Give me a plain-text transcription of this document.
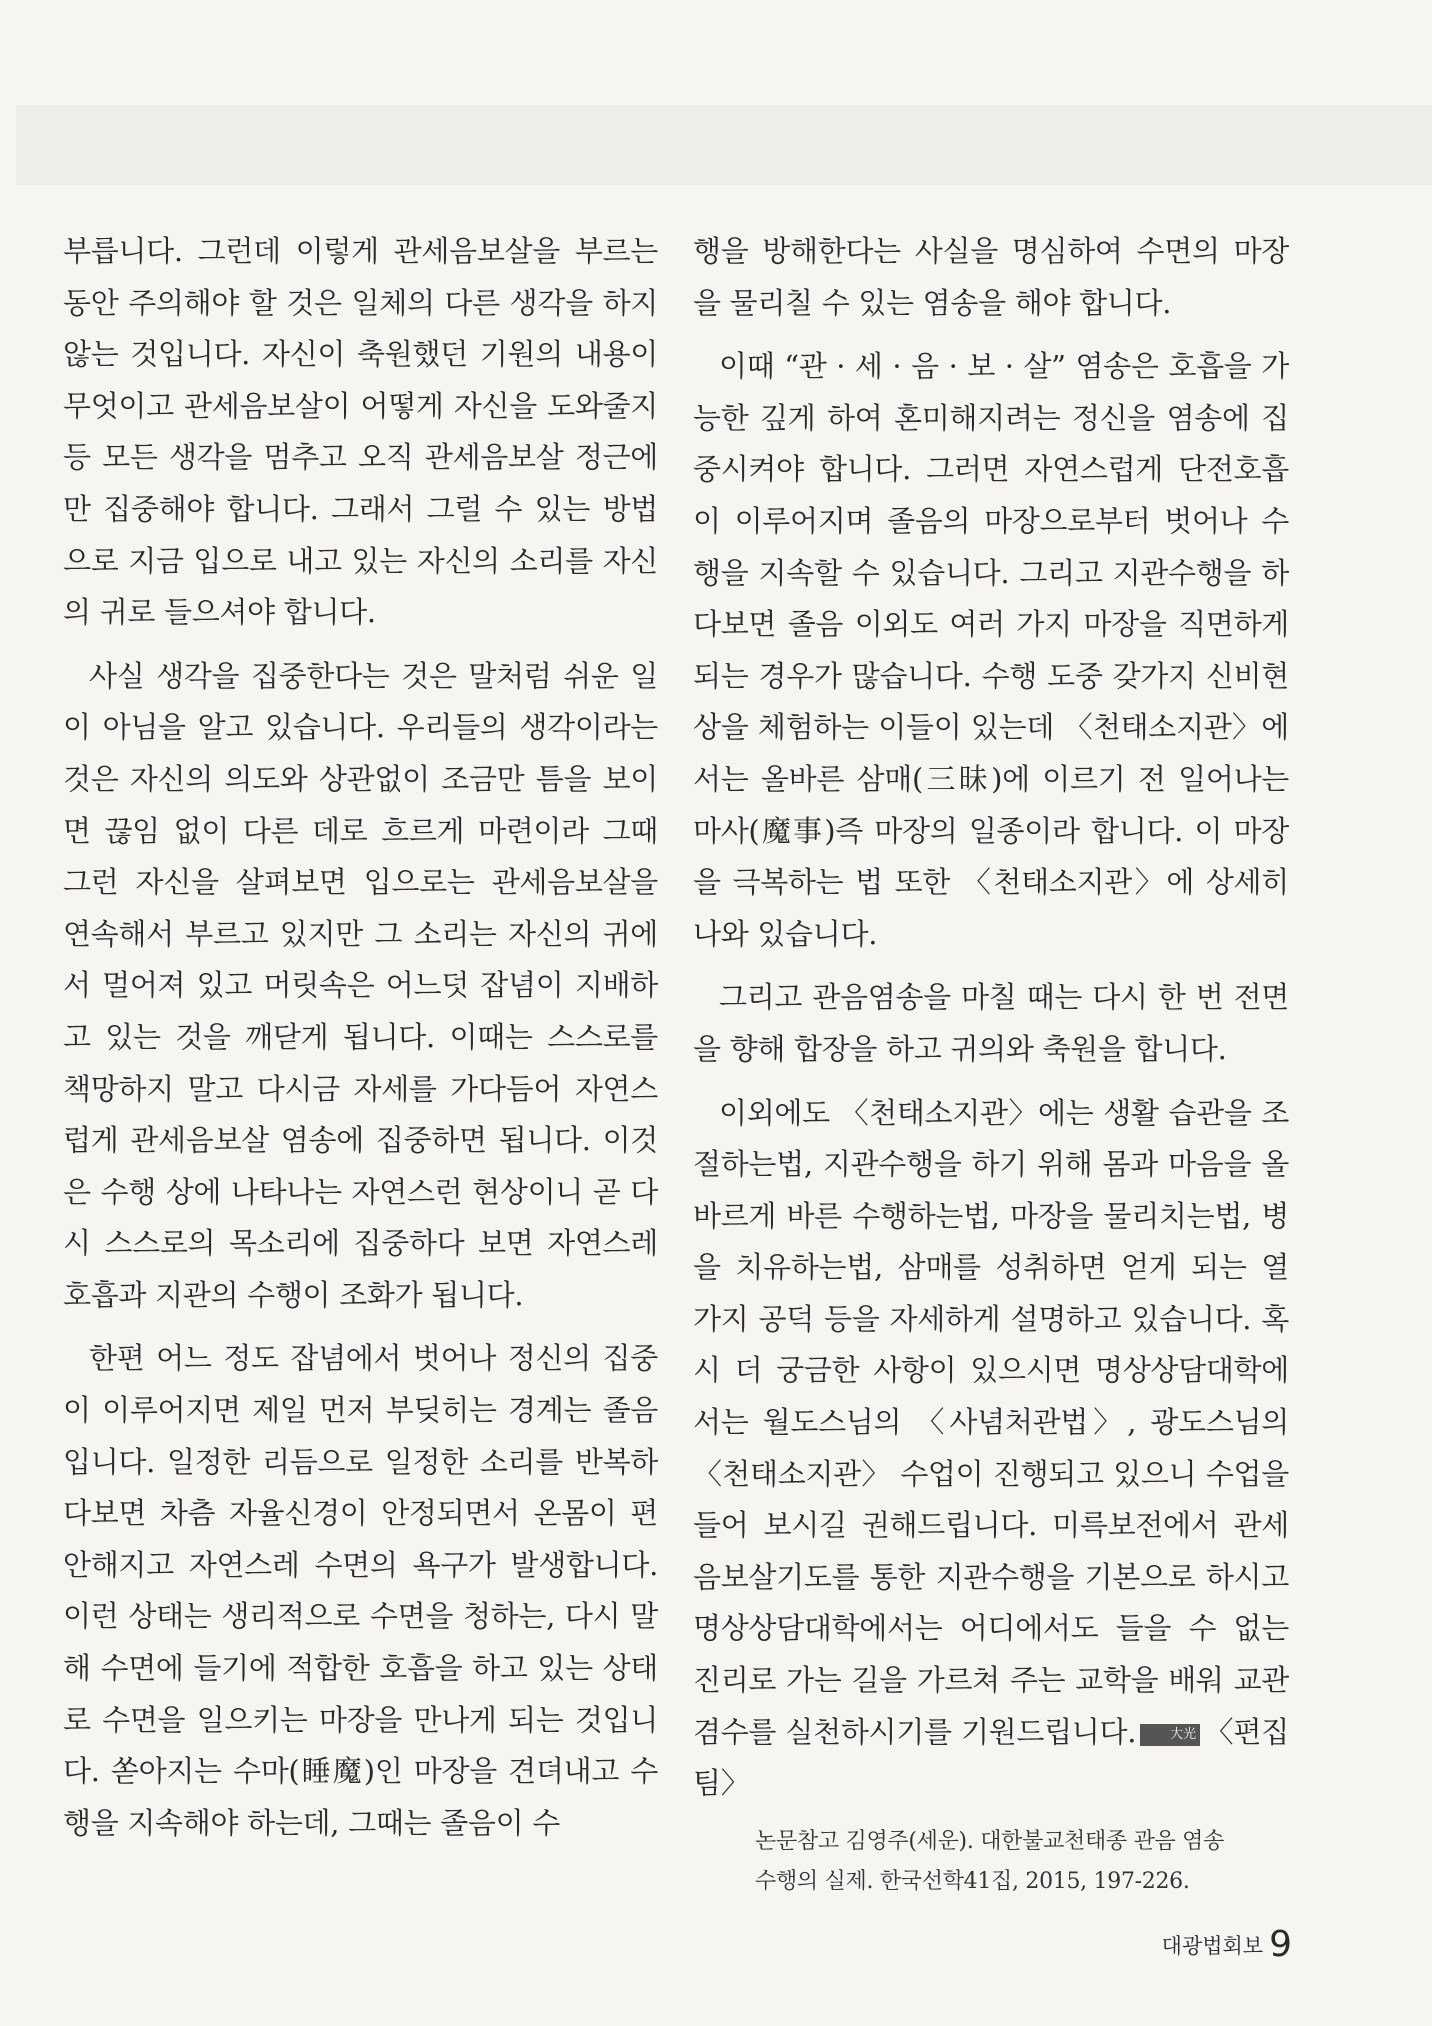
부릅니다. 그런데 이렇게 관세음보살을 부르는 동안 주의해야 할 것은 일체의 다른 생각을 하지 않는 것입니다. 자신이 축원했던 기원의 내용이 무엇이고 관세음보살이 어떻게 자신을 도와줄지 등 모든 생각을 멈추고 오직 관세음보살 정근에만 집중해야 합니다. 그래서 그럴 수 있는 방법으로 지금 입으로 내고 있는 자신의 소리를 자신의 귀로 들으셔야 합니다.

사실 생각을 집중한다는 것은 말처럼 쉬운 일이 아님을 알고 있습니다. 우리들의 생각이라는 것은 자신의 의도와 상관없이 조금만 틈을 보이면 끊임 없이 다른 데로 흐르게 마련이라 그때 그런 자신을 살펴보면 입으로는 관세음보살을 연속해서 부르고 있지만 그 소리는 자신의 귀에서 멀어져 있고 머릿속은 어느덧 잡념이 지배하고 있는 것을 깨닫게 됩니다. 이때는 스스로를 책망하지 말고 다시금 자세를 가다듬어 자연스럽게 관세음보살 염송에 집중하면 됩니다. 이것은 수행 상에 나타나는 자연스런 현상이니 곧 다시 스스로의 목소리에 집중하다 보면 자연스레 호흡과 지관의 수행이 조화가 됩니다.

한편 어느 정도 잡념에서 벗어나 정신의 집중이 이루어지면 제일 먼저 부딪히는 경계는 졸음입니다. 일정한 리듬으로 일정한 소리를 반복하다보면 차츰 자율신경이 안정되면서 온몸이 편안해지고 자연스레 수면의 욕구가 발생합니다. 이런 상태는 생리적으로 수면을 청하는, 다시 말해 수면에 들기에 적합한 호흡을 하고 있는 상태로 수면을 일으키는 마장을 만나게 되는 것입니다. 쏟아지는 수마(睡魔)인 마장을 견뎌내고 수행을 지속해야 하는데, 그때는 졸음이 수

행을 방해한다는 사실을 명심하여 수면의 마장을 물리칠 수 있는 염송을 해야 합니다.

이때 “관 · 세 · 음 · 보 · 살” 염송은 호흡을 가능한 깊게 하여 혼미해지려는 정신을 염송에 집중시켜야 합니다. 그러면 자연스럽게 단전호흡이 이루어지며 졸음의 마장으로부터 벗어나 수행을 지속할 수 있습니다. 그리고 지관수행을 하다보면 졸음 이외도 여러 가지 마장을 직면하게 되는 경우가 많습니다. 수행 도중 갖가지 신비현상을 체험하는 이들이 있는데 〈천태소지관〉에서는 올바른 삼매(三昧)에 이르기 전 일어나는 마사(魔事)즉 마장의 일종이라 합니다. 이 마장을 극복하는 법 또한 〈천태소지관〉에 상세히 나와 있습니다.

그리고 관음염송을 마칠 때는 다시 한 번 전면을 향해 합장을 하고 귀의와 축원을 합니다.

이외에도 〈천태소지관〉에는 생활 습관을 조절하는법, 지관수행을 하기 위해 몸과 마음을 올바르게 바른 수행하는법, 마장을 물리치는법, 병을 치유하는법, 삼매를 성취하면 얻게 되는 열 가지 공덕 등을 자세하게 설명하고 있습니다. 혹시 더 궁금한 사항이 있으시면 명상상담대학에서는 월도스님의 〈사념처관법〉, 광도스님의 〈천태소지관〉 수업이 진행되고 있으니 수업을 들어 보시길 권해드립니다. 미륵보전에서 관세음보살기도를 통한 지관수행을 기본으로 하시고 명상상담대학에서는 어디에서도 들을 수 없는 진리로 가는 길을 가르쳐 주는 교학을 배워 교관겸수를 실천하시기를 기원드립니다.	大光 〈편집팀〉

논문참고 김영주(세운). 대한불교천태종 관음 염송
수행의 실제. 한국선학41집, 2015, 197-226.

대광법회보 9
